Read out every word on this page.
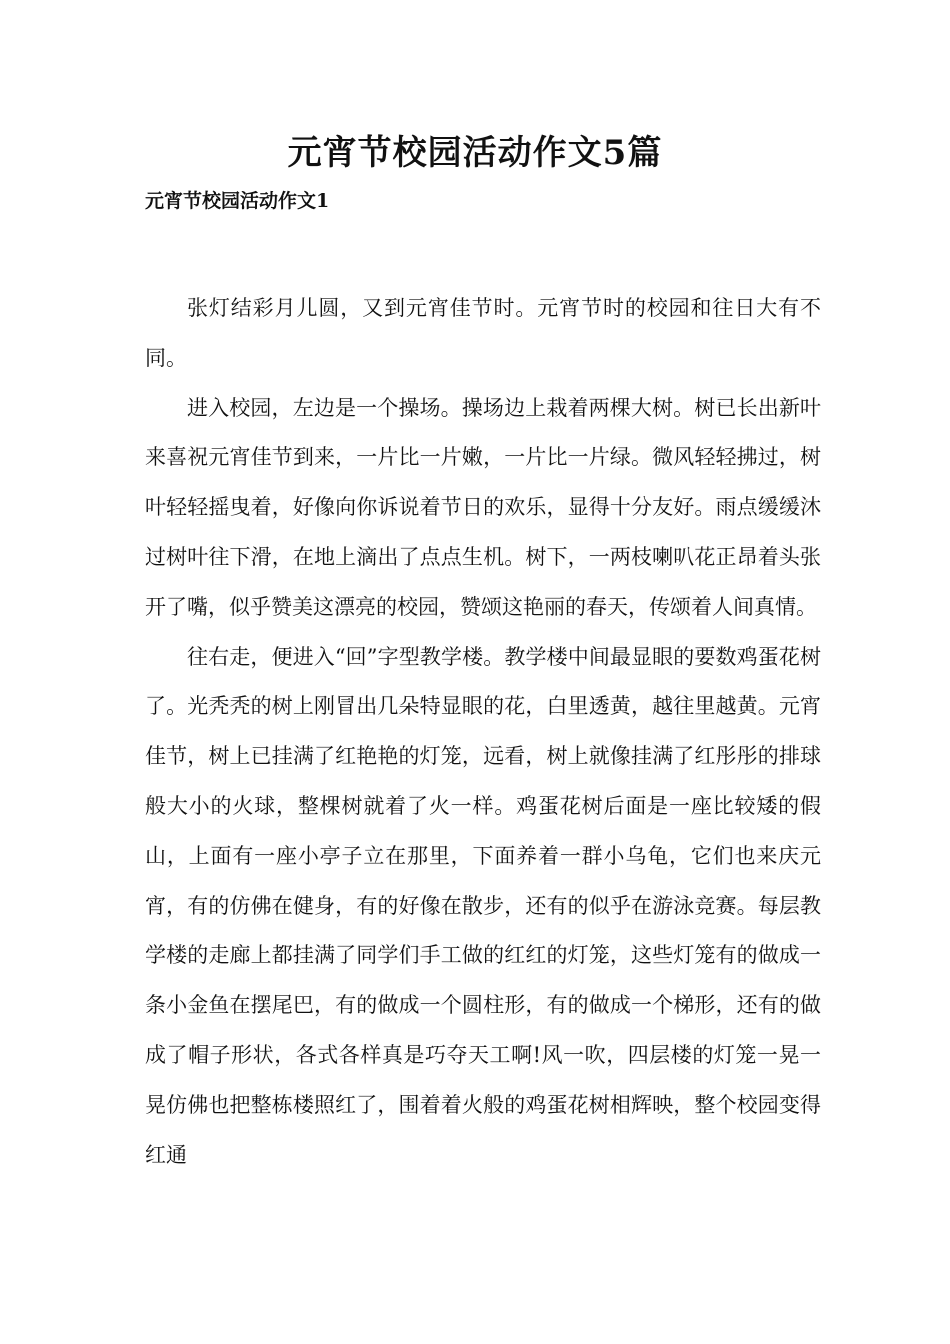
元宵节校园活动作文5篇
元宵节校园活动作文1

张灯结彩月儿圆，又到元宵佳节时。元宵节时的校园和往日大有不同。

进入校园，左边是一个操场。操场边上栽着两棵大树。树已长出新叶来喜祝元宵佳节到来，一片比一片嫩，一片比一片绿。微风轻轻拂过，树叶轻轻摇曳着，好像向你诉说着节日的欢乐，显得十分友好。雨点缓缓沐过树叶往下滑，在地上滴出了点点生机。树下，一两枝喇叭花正昂着头张开了嘴，似乎赞美这漂亮的校园，赞颂这艳丽的春天，传颂着人间真情。

往右走，便进入“回”字型教学楼。教学楼中间最显眼的要数鸡蛋花树了。光秃秃的树上刚冒出几朵特显眼的花，白里透黄，越往里越黄。元宵佳节，树上已挂满了红艳艳的灯笼，远看，树上就像挂满了红彤彤的排球般大小的火球，整棵树就着了火一样。鸡蛋花树后面是一座比较矮的假山，上面有一座小亭子立在那里，下面养着一群小乌龟，它们也来庆元宵，有的仿佛在健身，有的好像在散步，还有的似乎在游泳竞赛。每层教学楼的走廊上都挂满了同学们手工做的红红的灯笼，这些灯笼有的做成一条小金鱼在摆尾巴，有的做成一个圆柱形，有的做成一个梯形，还有的做成了帽子形状，各式各样真是巧夺天工啊!风一吹，四层楼的灯笼一晃一晃仿佛也把整栋楼照红了，围着着火般的鸡蛋花树相辉映，整个校园变得红通
